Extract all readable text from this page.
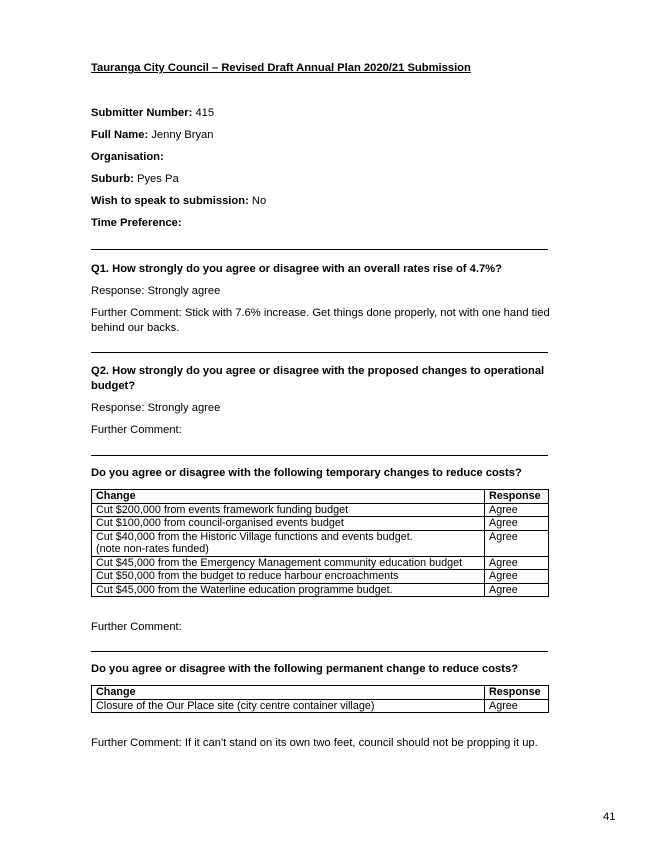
Tauranga City Council – Revised Draft Annual Plan 2020/21 Submission
Submitter Number: 415
Full Name: Jenny Bryan
Organisation:
Suburb: Pyes Pa
Wish to speak to submission: No
Time Preference:
Q1. How strongly do you agree or disagree with an overall rates rise of 4.7%?
Response: Strongly agree
Further Comment: Stick with 7.6% increase. Get things done properly, not with one hand tied behind our backs.
Q2. How strongly do you agree or disagree with the proposed changes to operational budget?
Response: Strongly agree
Further Comment:
Do you agree or disagree with the following temporary changes to reduce costs?
Change	Response
Cut $200,000 from events framework funding budget	Agree
Cut $100,000 from council-organised events budget	Agree

Cut $40,000 from the Historic Village functions and events budget.
(note non-rates funded)	Agree
Cut $45,000 from the Emergency Management community education budget	Agree
Cut $50,000 from the budget to reduce harbour encroachments	Agree
Cut $45,000 from the Waterline education programme budget.	Agree
Further Comment:
Do you agree or disagree with the following permanent change to reduce costs?
Change	Response
Closure of the Our Place site (city centre container village)	Agree
Further Comment: If it can't stand on its own two feet, council should not be propping it up.
41
